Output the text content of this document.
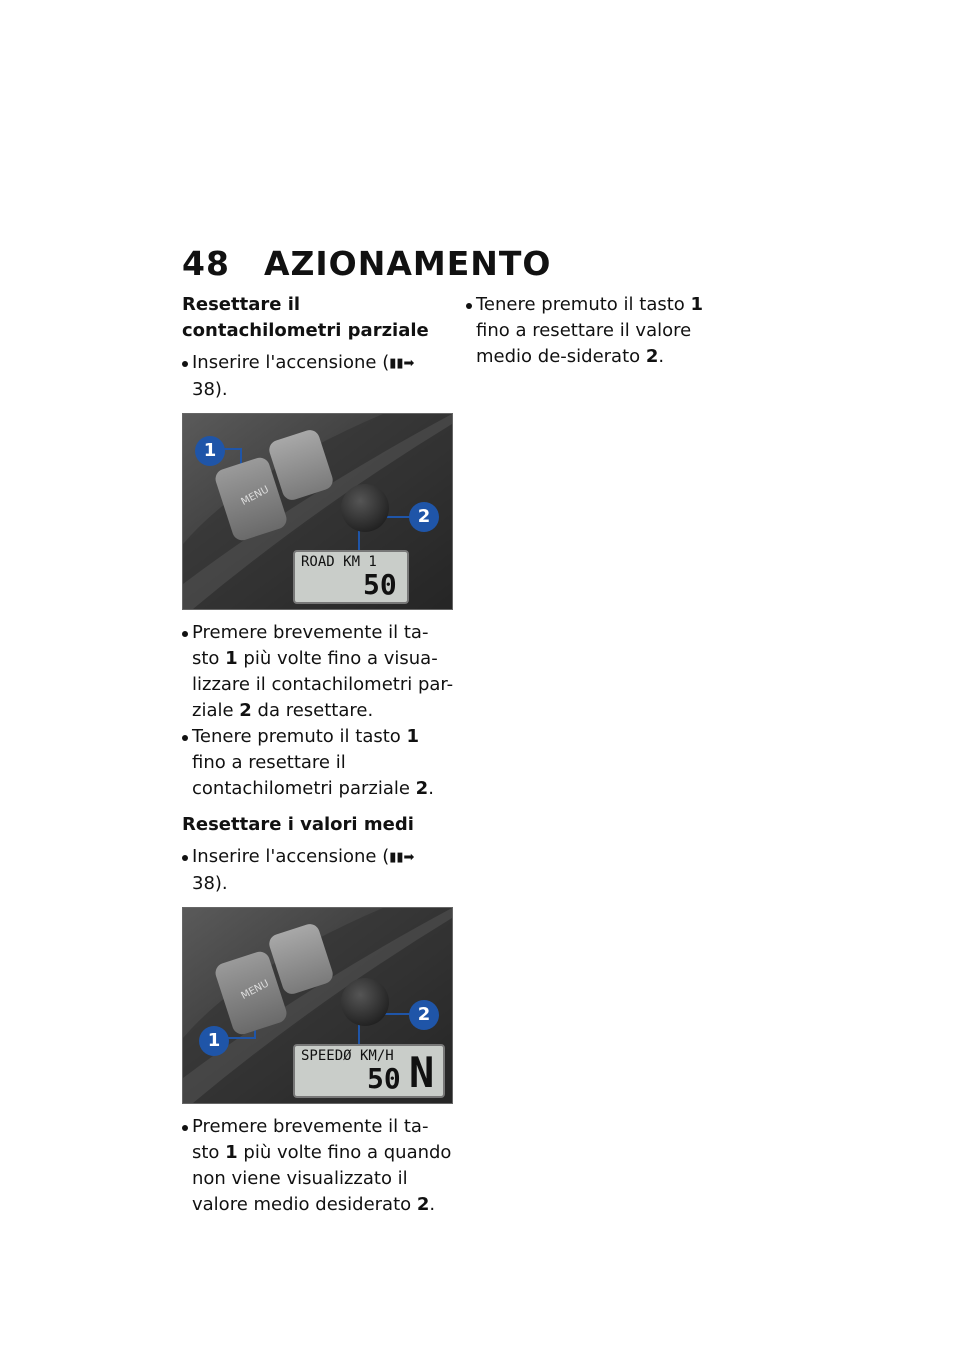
48 AZIONAMENTO
Resettare il contachilometri parziale

Inserire l'accensione (▮▮➡ 38).

MENU
ROAD KM 1
50
1
2

Premere brevemente il ta-sto 1 più volte fino a visua-lizzare il contachilometri par-ziale 2 da resettare.

Tenere premuto il tasto 1 fino a resettare il contachilometri parziale 2.

Resettare i valori medi

Inserire l'accensione (▮▮➡ 38).

MENU
SPEEDØ KM/H
50 N
1
2

Premere brevemente il ta-sto 1 più volte fino a quando non viene visualizzato il valore medio desiderato 2.

Tenere premuto il tasto 1 fino a resettare il valore medio de-siderato 2.
